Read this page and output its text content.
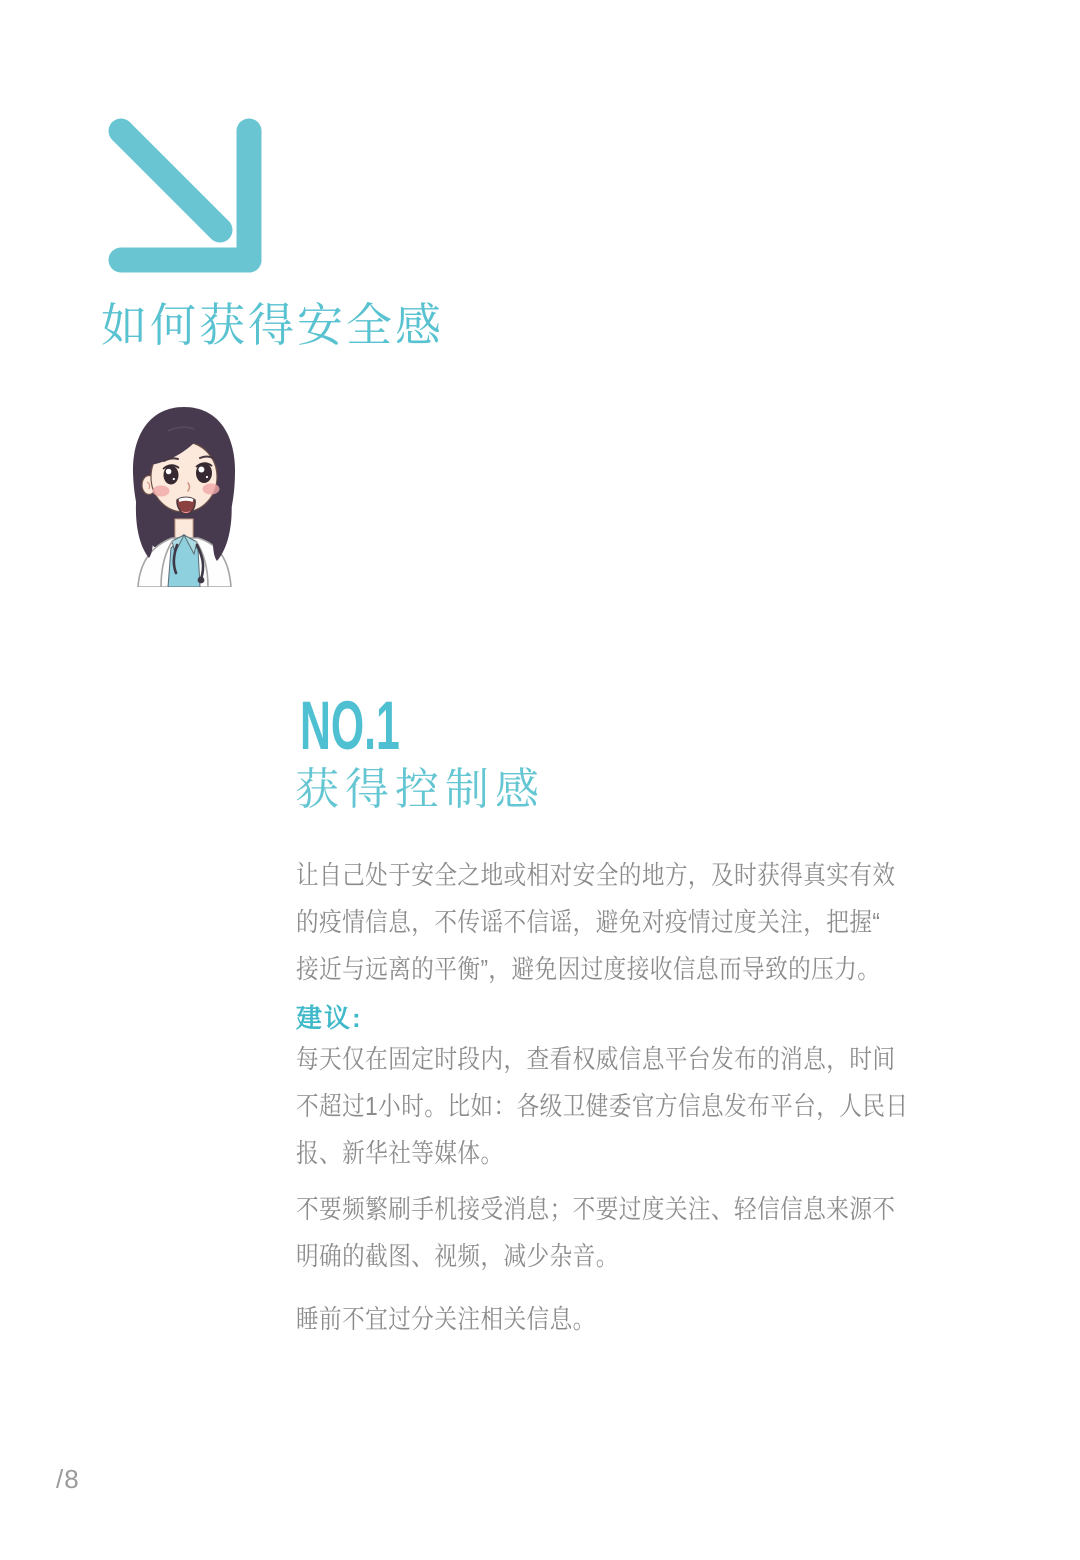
如何获得安全感
NO.1
获得控制感
让自己处于安全之地或相对安全的地方，及时获得真实有效
的疫情信息，不传谣不信谣，避免对疫情过度关注，把握“
接近与远离的平衡”，避免因过度接收信息而导致的压力。
建议:
每天仅在固定时段内，查看权威信息平台发布的消息，时间
不超过1小时。比如：各级卫健委官方信息发布平台，人民日
报、新华社等媒体。
不要频繁刷手机接受消息；不要过度关注、轻信信息来源不
明确的截图、视频，减少杂音。
睡前不宜过分关注相关信息。
/8
